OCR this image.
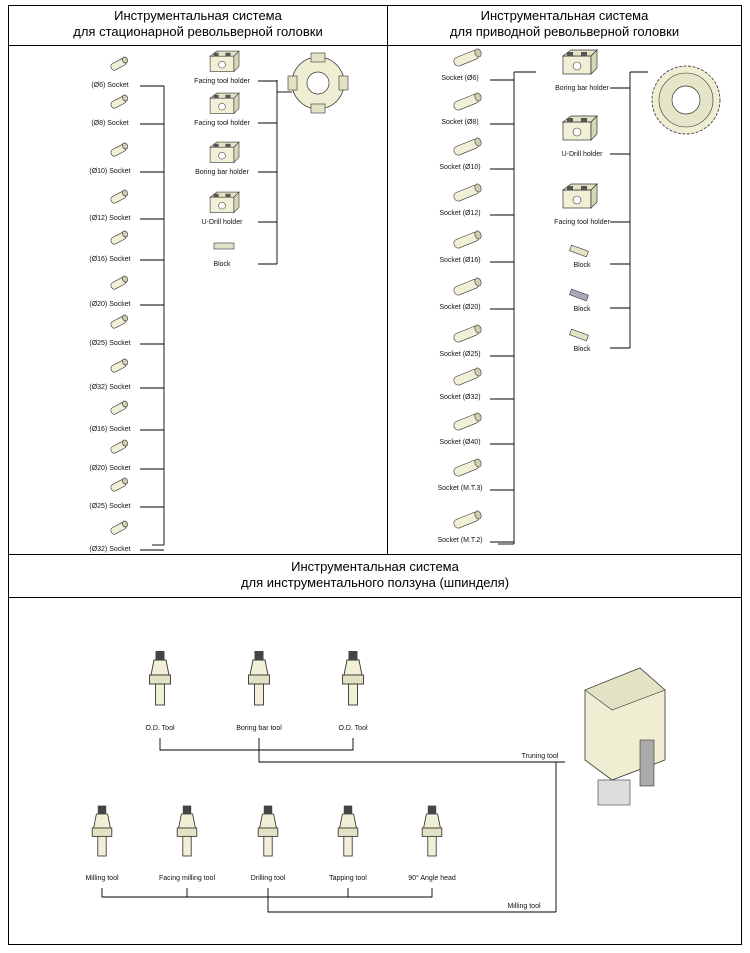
Инструментальная система
для стационарной револьверной головки
Инструментальная система
для приводной револьверной головки
Инструментальная система
для инструментального ползуна (шпинделя)
(Ø6) Socket
(Ø8) Socket
(Ø10) Socket
(Ø12) Socket
(Ø16) Socket
(Ø20) Socket
(Ø25) Socket
(Ø32) Socket
(Ø16) Socket
(Ø20) Socket
(Ø25) Socket
(Ø32) Socket
Facing tool holder
Facing tool holder
Boring bar holder
U-Drill holder
Block
Socket (Ø6)
Socket (Ø8)
Socket (Ø10)
Socket (Ø12)
Socket (Ø16)
Socket (Ø20)
Socket (Ø25)
Socket (Ø32)
Socket (Ø40)
Socket (M.T.3)
Socket (M.T.2)
Boring bar holder
U-Drill holder
Facing tool holder
Block
Block
Block
O.D. Tool	Boring bar tool	O.D. Tool
Truning tool
Milling tool	Facing milling tool	Drilling tool	Tapping tool	90° Angle head
Milling tool
